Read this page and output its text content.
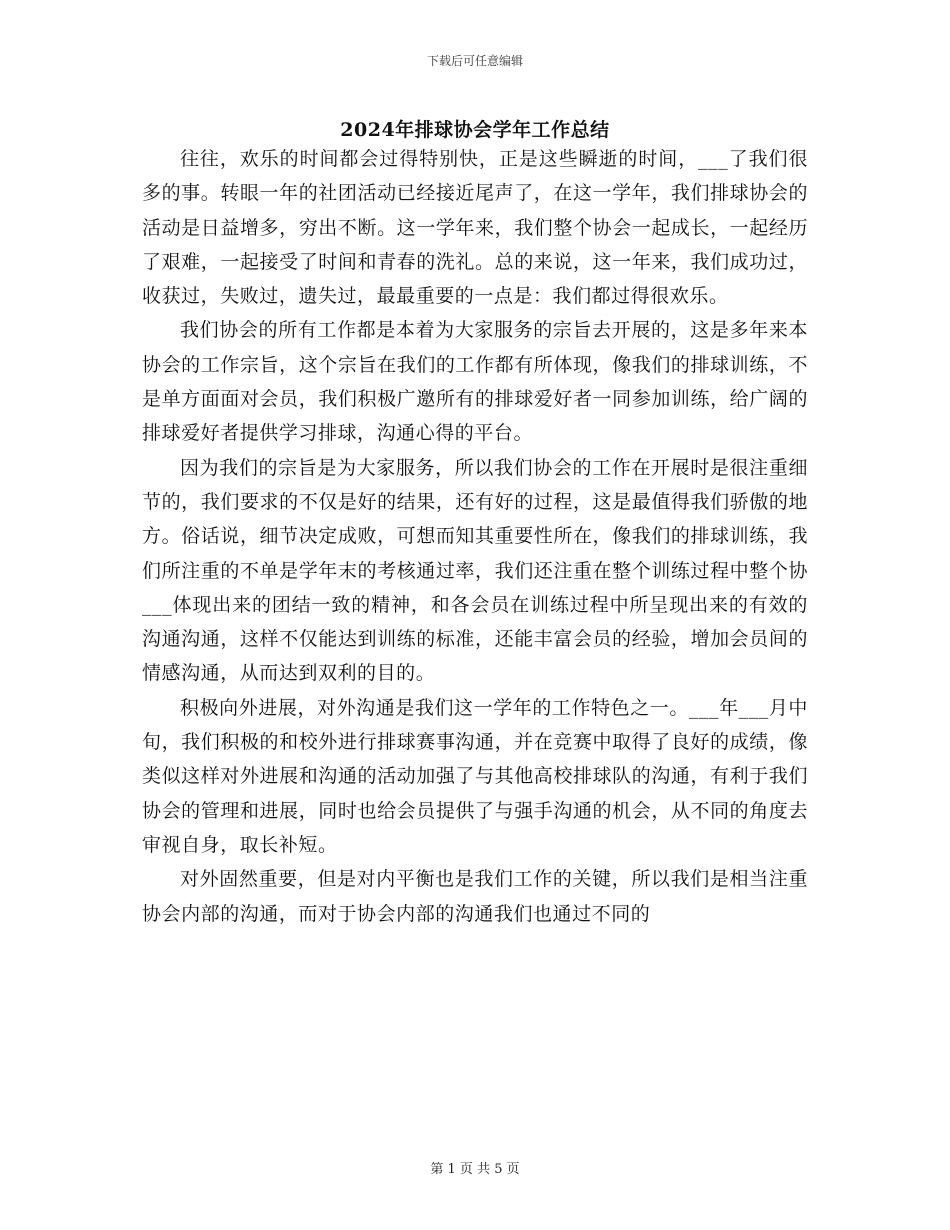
下载后可任意编辑
2024年排球协会学年工作总结

往往，欢乐的时间都会过得特别快，正是这些瞬逝的时间，___了我们很多的事。转眼一年的社团活动已经接近尾声了，在这一学年，我们排球协会的活动是日益增多，穷出不断。这一学年来，我们整个协会一起成长，一起经历了艰难，一起接受了时间和青春的洗礼。总的来说，这一年来，我们成功过，收获过，失败过，遗失过，最最重要的一点是：我们都过得很欢乐。

我们协会的所有工作都是本着为大家服务的宗旨去开展的，这是多年来本协会的工作宗旨，这个宗旨在我们的工作都有所体现，像我们的排球训练，不是单方面面对会员，我们积极广邀所有的排球爱好者一同参加训练，给广阔的排球爱好者提供学习排球，沟通心得的平台。

因为我们的宗旨是为大家服务，所以我们协会的工作在开展时是很注重细节的，我们要求的不仅是好的结果，还有好的过程，这是最值得我们骄傲的地方。俗话说，细节决定成败，可想而知其重要性所在，像我们的排球训练，我们所注重的不单是学年末的考核通过率，我们还注重在整个训练过程中整个协___体现出来的团结一致的精神，和各会员在训练过程中所呈现出来的有效的沟通沟通，这样不仅能达到训练的标准，还能丰富会员的经验，增加会员间的情感沟通，从而达到双利的目的。

积极向外进展，对外沟通是我们这一学年的工作特色之一。___年___月中旬，我们积极的和校外进行排球赛事沟通，并在竞赛中取得了良好的成绩，像类似这样对外进展和沟通的活动加强了与其他高校排球队的沟通，有利于我们协会的管理和进展，同时也给会员提供了与强手沟通的机会，从不同的角度去审视自身，取长补短。

对外固然重要，但是对内平衡也是我们工作的关键，所以我们是相当注重协会内部的沟通，而对于协会内部的沟通我们也通过不同的

第 1 页 共 5 页
